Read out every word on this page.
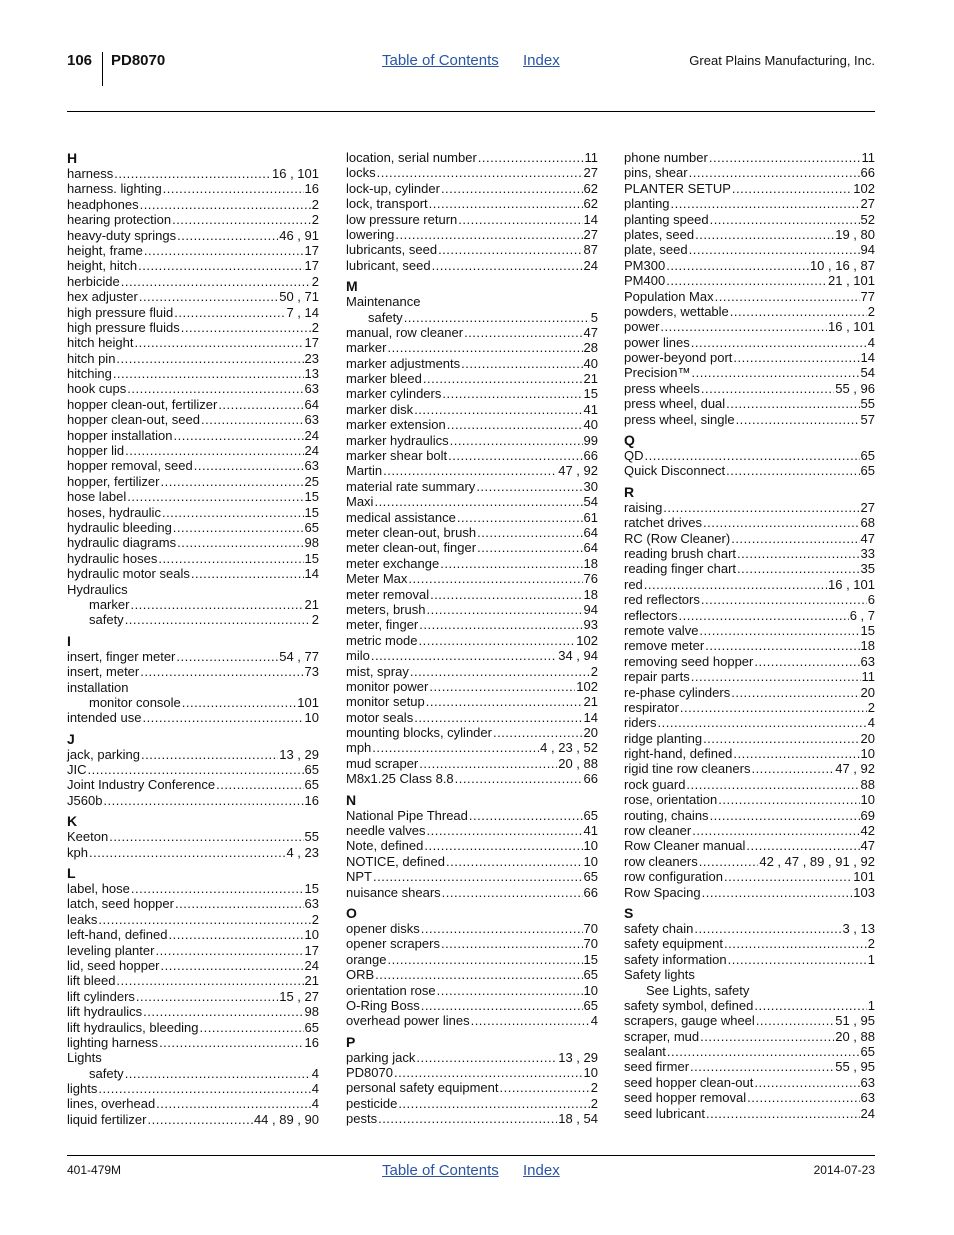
106 PD8070	Table of Contents Index	Great Plains Manufacturing, Inc.
H
harness .....	16 , 101
harness. lighting .....	16
headphones .....	2
hearing protection .....	2
heavy-duty springs .....	46 , 91
height, frame .....	17
height, hitch .....	17
herbicide .....	2
hex adjuster .....	50 , 71
high pressure fluid .....	7 , 14
high pressure fluids .....	2
hitch height .....	17
hitch pin .....	23
hitching .....	13
hook cups .....	63
hopper clean-out, fertilizer .....	64
hopper clean-out, seed .....	63
hopper installation .....	24
hopper lid .....	24
hopper removal, seed .....	63
hopper, fertilizer .....	25
hose label .....	15
hoses, hydraulic .....	15
hydraulic bleeding .....	65
hydraulic diagrams .....	98
hydraulic hoses .....	15
hydraulic motor seals .....	14
Hydraulics
marker .....	21
safety .....	2
I
insert, finger meter .....	54 , 77
insert, meter .....	73
installation
monitor console .....	101
intended use .....	10
J
jack, parking .....	13 , 29
JIC .....	65
Joint Industry Conference .....	65
J560b .....	16
K
Keeton .....	55
kph .....	4 , 23
L
label, hose .....	15
latch, seed hopper .....	63
leaks .....	2
left-hand, defined .....	10
leveling planter .....	17
lid, seed hopper .....	24
lift bleed .....	21
lift cylinders .....	15 , 27
lift hydraulics .....	98
lift hydraulics, bleeding .....	65
lighting harness .....	16
Lights
safety .....	4
lights .....	4
lines, overhead .....	4
liquid fertilizer .....	44 , 89 , 90
location, serial number .....	11
locks .....	27
lock-up, cylinder .....	62
lock, transport .....	62
low pressure return .....	14
lowering .....	27
lubricants, seed .....	87
lubricant, seed .....	24
M
Maintenance
safety .....	5
manual, row cleaner .....	47
marker .....	28
marker adjustments .....	40
marker bleed .....	21
marker cylinders .....	15
marker disk .....	41
marker extension .....	40
marker hydraulics .....	99
marker shear bolt .....	66
Martin .....	47 , 92
material rate summary .....	30
Maxi .....	54
medical assistance .....	61
meter clean-out, brush .....	64
meter clean-out, finger .....	64
meter exchange .....	18
Meter Max .....	76
meter removal .....	18
meters, brush .....	94
meter, finger .....	93
metric mode .....	102
milo .....	34 , 94
mist, spray .....	2
monitor power .....	102
monitor setup .....	21
motor seals .....	14
mounting blocks, cylinder .....	20
mph .....	4 , 23 , 52
mud scraper .....	20 , 88
M8x1.25 Class 8.8 .....	66
N
National Pipe Thread .....	65
needle valves .....	41
Note, defined .....	10
NOTICE, defined .....	10
NPT .....	65
nuisance shears .....	66
O
opener disks .....	70
opener scrapers .....	70
orange .....	15
ORB .....	65
orientation rose .....	10
O-Ring Boss .....	65
overhead power lines .....	4
P
parking jack .....	13 , 29
PD8070 .....	10
personal safety equipment .....	2
pesticide .....	2
pests .....	18 , 54
phone number .....	11
pins, shear .....	66
PLANTER SETUP .....	102
planting .....	27
planting speed .....	52
plates, seed .....	19 , 80
plate, seed .....	94
PM300 .....	10 , 16 , 87
PM400 .....	21 , 101
Population Max .....	77
powders, wettable .....	2
power .....	16 , 101
power lines .....	4
power-beyond port .....	14
Precision™ .....	54
press wheels .....	55 , 96
press wheel, dual .....	55
press wheel, single .....	57
Q
QD .....	65
Quick Disconnect .....	65
R
raising .....	27
ratchet drives .....	68
RC (Row Cleaner) .....	47
reading brush chart .....	33
reading finger chart .....	35
red .....	16 , 101
red reflectors .....	6
reflectors .....	6 , 7
remote valve .....	15
remove meter .....	18
removing seed hopper .....	63
repair parts .....	11
re-phase cylinders .....	20
respirator .....	2
riders .....	4
ridge planting .....	20
right-hand, defined .....	10
rigid tine row cleaners .....	47 , 92
rock guard .....	88
rose, orientation .....	10
routing, chains .....	69
row cleaner .....	42
Row Cleaner manual .....	47
row cleaners .....	42 , 47 , 89 , 91 , 92
row configuration .....	101
Row Spacing .....	103
S
safety chain .....	3 , 13
safety equipment .....	2
safety information .....	1
Safety lights
See Lights, safety
safety symbol, defined .....	1
scrapers, gauge wheel .....	51 , 95
scraper, mud .....	20 , 88
sealant .....	65
seed firmer .....	55 , 95
seed hopper clean-out .....	63
seed hopper removal .....	63
seed lubricant .....	24
401-479M	Table of Contents Index	2014-07-23
